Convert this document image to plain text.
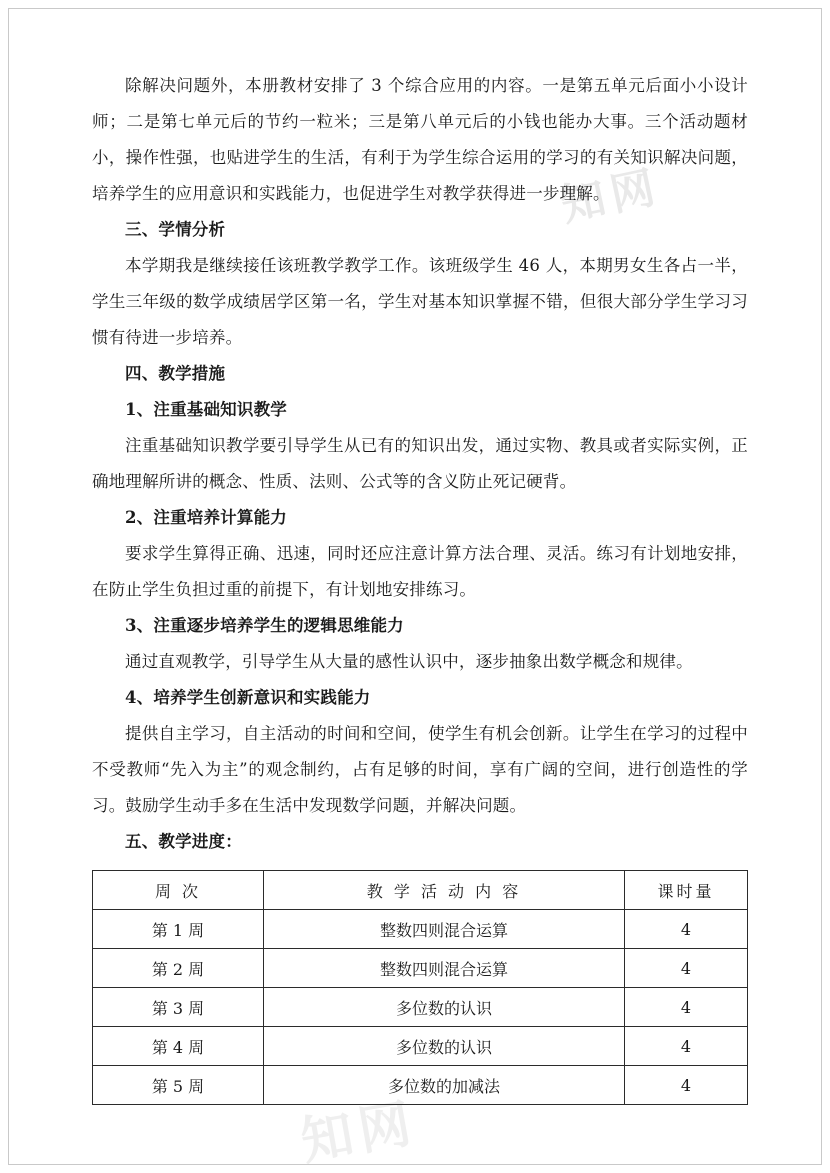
知网
知网

除解决问题外，本册教材安排了 3 个综合应用的内容。一是第五单元后面小小设计师；二是第七单元后的节约一粒米；三是第八单元后的小钱也能办大事。三个活动题材小，操作性强，也贴进学生的生活，有利于为学生综合运用的学习的有关知识解决问题，培养学生的应用意识和实践能力，也促进学生对教学获得进一步理解。

三、学情分析

本学期我是继续接任该班教学教学工作。该班级学生 46 人，本期男女生各占一半，学生三年级的数学成绩居学区第一名，学生对基本知识掌握不错，但很大部分学生学习习惯有待进一步培养。

四、教学措施

1、注重基础知识教学

注重基础知识教学要引导学生从已有的知识出发，通过实物、教具或者实际实例，正确地理解所讲的概念、性质、法则、公式等的含义防止死记硬背。

2、注重培养计算能力

要求学生算得正确、迅速，同时还应注意计算方法合理、灵活。练习有计划地安排，在防止学生负担过重的前提下，有计划地安排练习。

3、注重逐步培养学生的逻辑思维能力

通过直观教学，引导学生从大量的感性认识中，逐步抽象出数学概念和规律。

4、培养学生创新意识和实践能力

提供自主学习，自主活动的时间和空间，使学生有机会创新。让学生在学习的过程中不受教师“先入为主”的观念制约，占有足够的时间，享有广阔的空间，进行创造性的学习。鼓励学生动手多在生活中发现数学问题，并解决问题。

五、教学进度：

周 次	教 学 活 动 内 容	课时量
第 1 周	整数四则混合运算	4
第 2 周	整数四则混合运算	4
第 3 周	多位数的认识	4
第 4 周	多位数的认识	4
第 5 周	多位数的加减法	4
